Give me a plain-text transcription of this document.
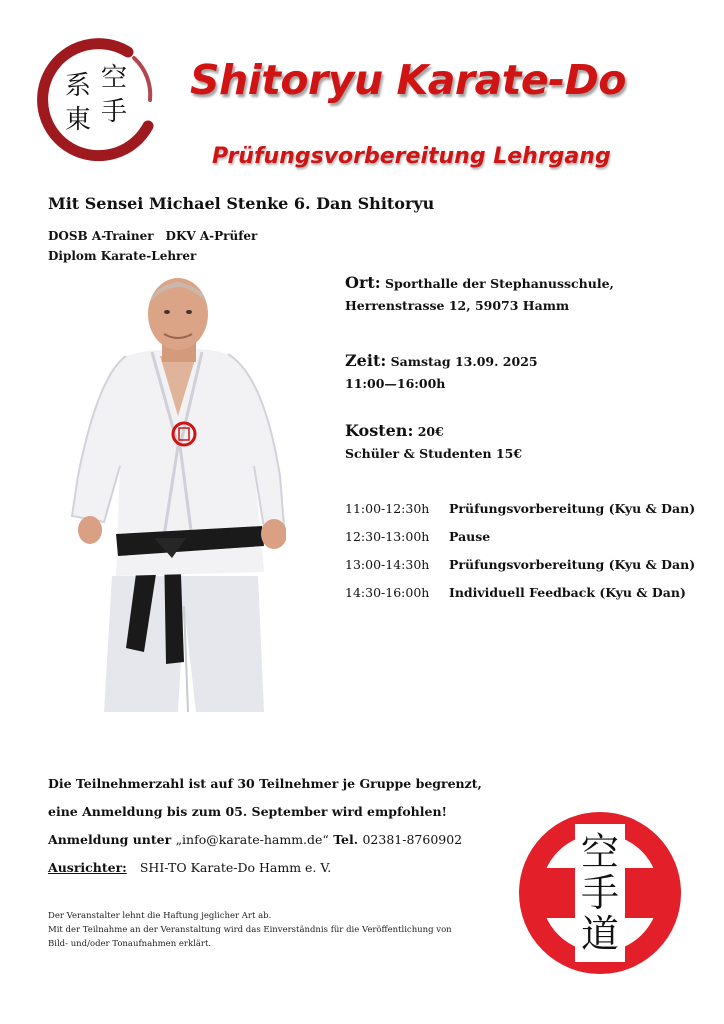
系 空
東 手
Shitoryu Karate-Do
Prüfungsvorbereitung Lehrgang
Mit Sensei Michael Stenke 6. Dan Shitoryu
DOSB A-Trainer DKV A-Prüfer
Diplom Karate-Lehrer
Ort: Sporthalle der Stephanusschule,
Herrenstrasse 12, 59073 Hamm
Zeit: Samstag 13.09. 2025
11:00—16:00h
Kosten: 20€
Schüler & Studenten 15€
11:00-12:30h Prüfungsvorbereitung (Kyu & Dan)
12:30-13:00h Pause
13:00-14:30h Prüfungsvorbereitung (Kyu & Dan)
14:30-16:00h Individuell Feedback (Kyu & Dan)
Die Teilnehmerzahl ist auf 30 Teilnehmer je Gruppe begrenzt,
eine Anmeldung bis zum 05. September wird empfohlen!
Anmeldung unter „info@karate-hamm.de“ Tel. 02381-8760902
Ausrichter: SHI-TO Karate-Do Hamm e. V.
Der Veranstalter lehnt die Haftung jeglicher Art ab.
Mit der Teilnahme an der Veranstaltung wird das Einverständnis für die Veröffentlichung von
Bild- und/oder Tonaufnahmen erklärt.
空
手
道
